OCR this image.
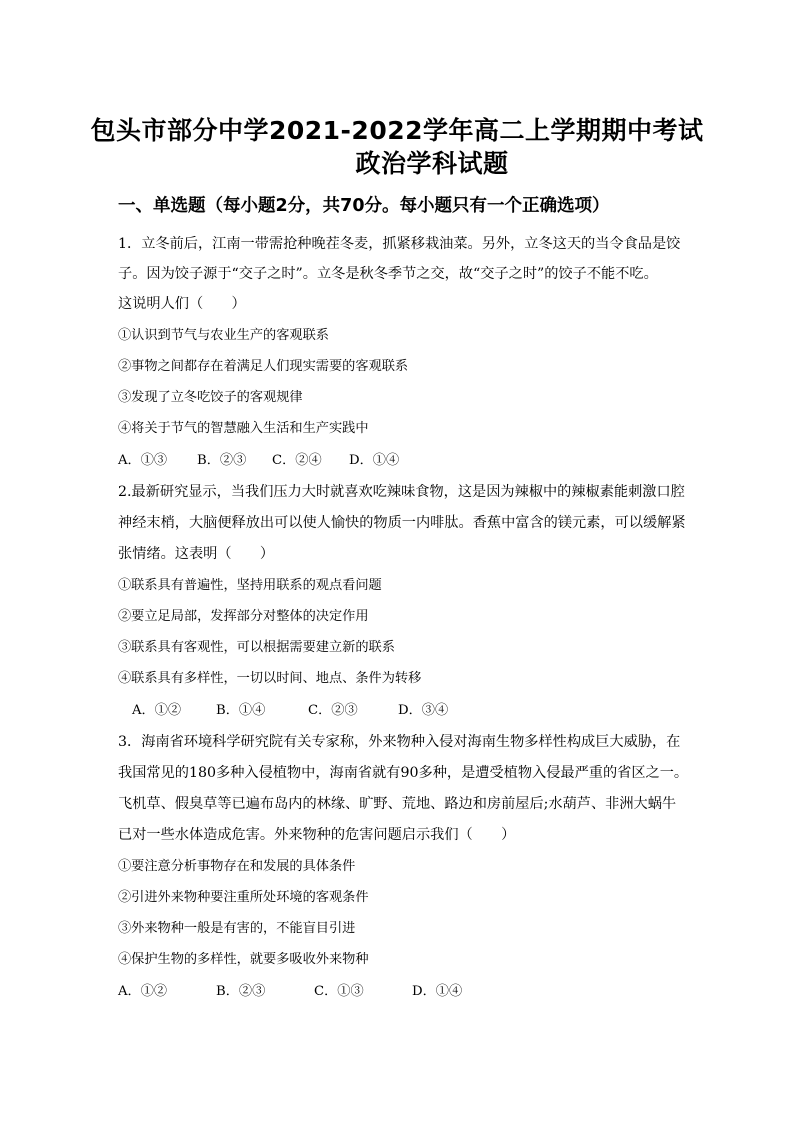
包头市部分中学2021-2022学年高二上学期期中考试
政治学科试题
一、单选题（每小题2分，共70分。每小题只有一个正确选项）
1．立冬前后，江南一带需抢种晚茬冬麦，抓紧移栽油菜。另外，立冬这天的当令食品是饺
子。因为饺子源于“交子之时”。立冬是秋冬季节之交，故“交子之时”的饺子不能不吃。
这说明人们（　　）
①认识到节气与农业生产的客观联系
②事物之间都存在着满足人们现实需要的客观联系
③发现了立冬吃饺子的客观规律
④将关于节气的智慧融入生活和生产实践中
A．①③ B．②③ C．②④ D．①④
2.最新研究显示，当我们压力大时就喜欢吃辣味食物，这是因为辣椒中的辣椒素能刺激口腔
神经末梢，大脑便释放出可以使人愉快的物质一内啡肽。香蕉中富含的镁元素，可以缓解紧
张情绪。这表明（　　）
①联系具有普遍性，坚持用联系的观点看问题
②要立足局部，发挥部分对整体的决定作用
③联系具有客观性，可以根据需要建立新的联系
④联系具有多样性，一切以时间、地点、条件为转移
A．①②	B．①④	C．②③	D．③④
3．海南省环境科学研究院有关专家称，外来物种入侵对海南生物多样性构成巨大威胁，在
我国常见的180多种入侵植物中，海南省就有90多种，是遭受植物入侵最严重的省区之一。
飞机草、假臭草等已遍布岛内的林缘、旷野、荒地、路边和房前屋后;水葫芦、非洲大蜗牛
已对一些水体造成危害。外来物种的危害问题启示我们（　　）
①要注意分析事物存在和发展的具体条件
②引进外来物种要注重所处环境的客观条件
③外来物种一般是有害的，不能盲目引进
④保护生物的多样性，就要多吸收外来物种
A．①②	B．②③	C．①③	D．①④
